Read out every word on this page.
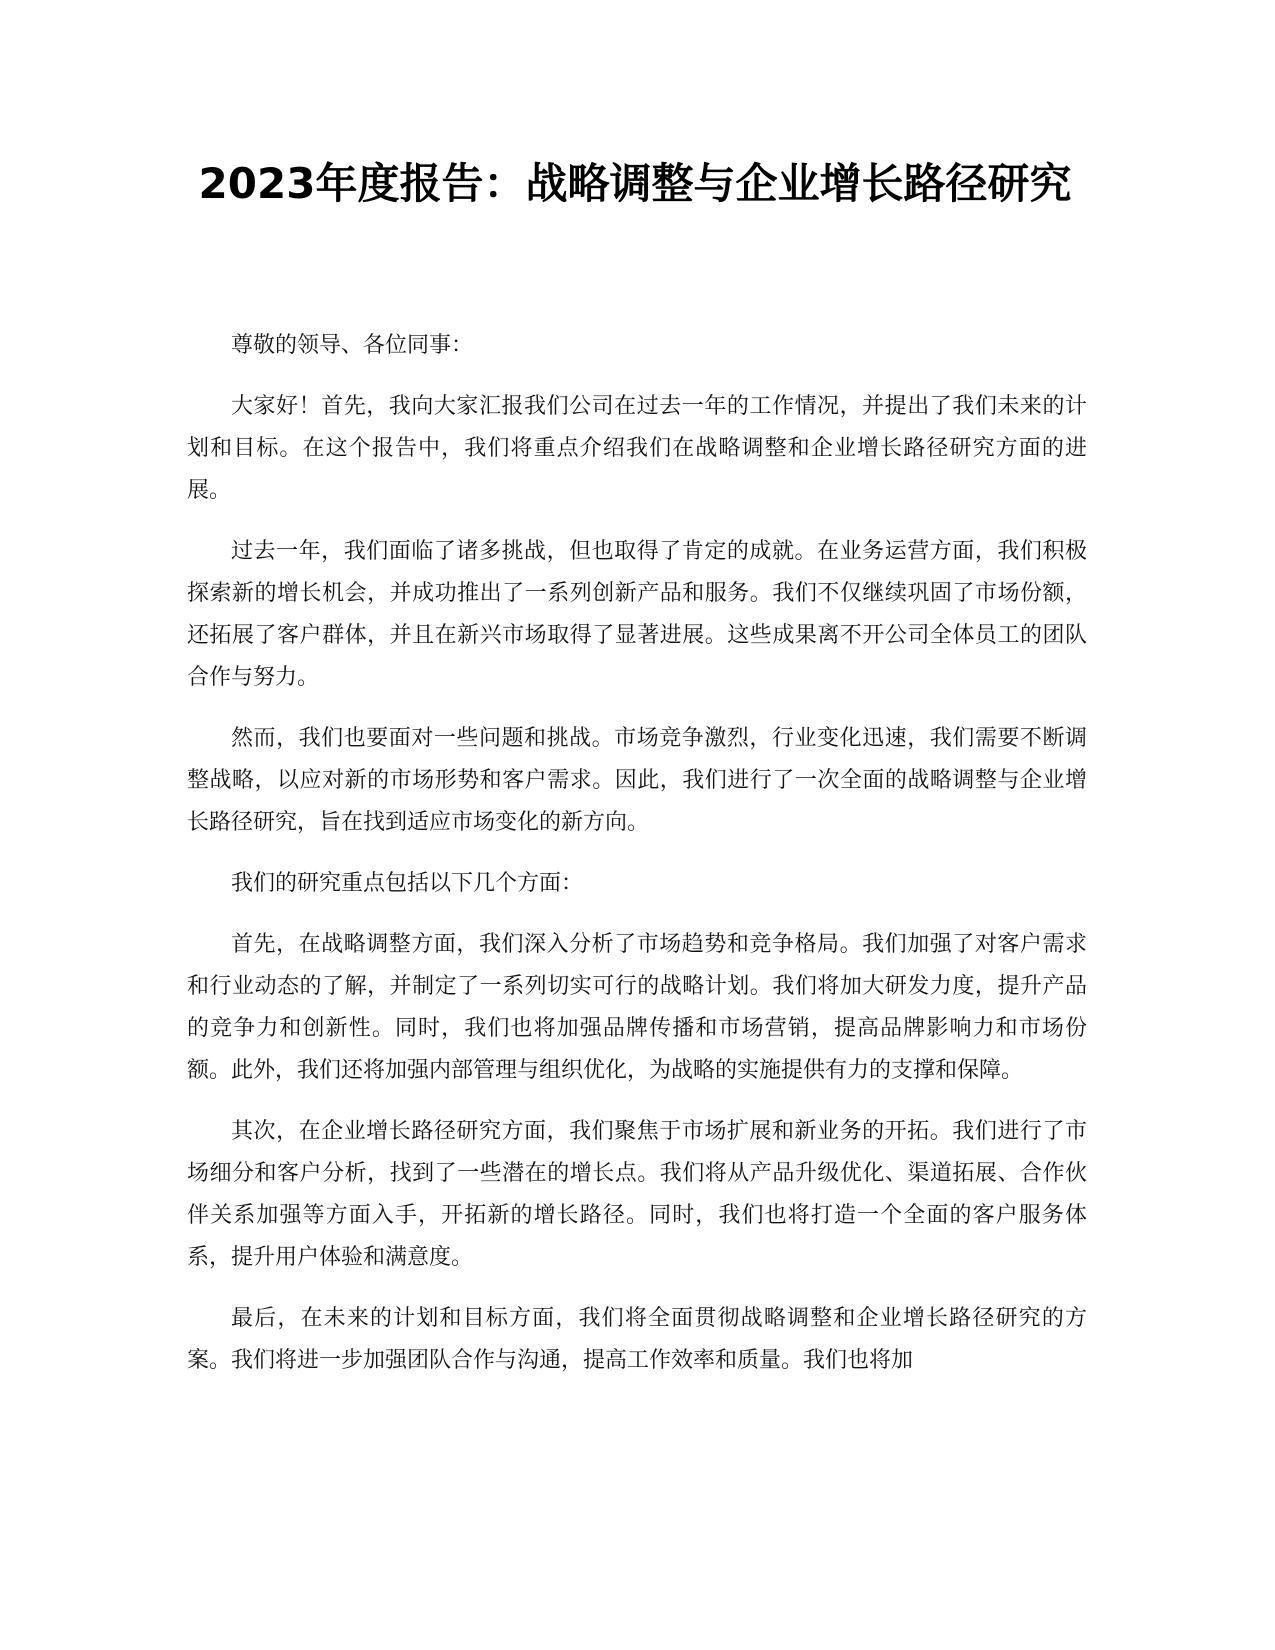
2023年度报告：战略调整与企业增长路径研究

尊敬的领导、各位同事：

大家好！首先，我向大家汇报我们公司在过去一年的工作情况，并提出了我们未来的计划和目标。在这个报告中，我们将重点介绍我们在战略调整和企业增长路径研究方面的进展。

过去一年，我们面临了诸多挑战，但也取得了肯定的成就。在业务运营方面，我们积极探索新的增长机会，并成功推出了一系列创新产品和服务。我们不仅继续巩固了市场份额，还拓展了客户群体，并且在新兴市场取得了显著进展。这些成果离不开公司全体员工的团队合作与努力。

然而，我们也要面对一些问题和挑战。市场竞争激烈，行业变化迅速，我们需要不断调整战略，以应对新的市场形势和客户需求。因此，我们进行了一次全面的战略调整与企业增长路径研究，旨在找到适应市场变化的新方向。

我们的研究重点包括以下几个方面：

首先，在战略调整方面，我们深入分析了市场趋势和竞争格局。我们加强了对客户需求和行业动态的了解，并制定了一系列切实可行的战略计划。我们将加大研发力度，提升产品的竞争力和创新性。同时，我们也将加强品牌传播和市场营销，提高品牌影响力和市场份额。此外，我们还将加强内部管理与组织优化，为战略的实施提供有力的支撑和保障。

其次，在企业增长路径研究方面，我们聚焦于市场扩展和新业务的开拓。我们进行了市场细分和客户分析，找到了一些潜在的增长点。我们将从产品升级优化、渠道拓展、合作伙伴关系加强等方面入手，开拓新的增长路径。同时，我们也将打造一个全面的客户服务体系，提升用户体验和满意度。

最后，在未来的计划和目标方面，我们将全面贯彻战略调整和企业增长路径研究的方案。我们将进一步加强团队合作与沟通，提高工作效率和质量。我们也将加
